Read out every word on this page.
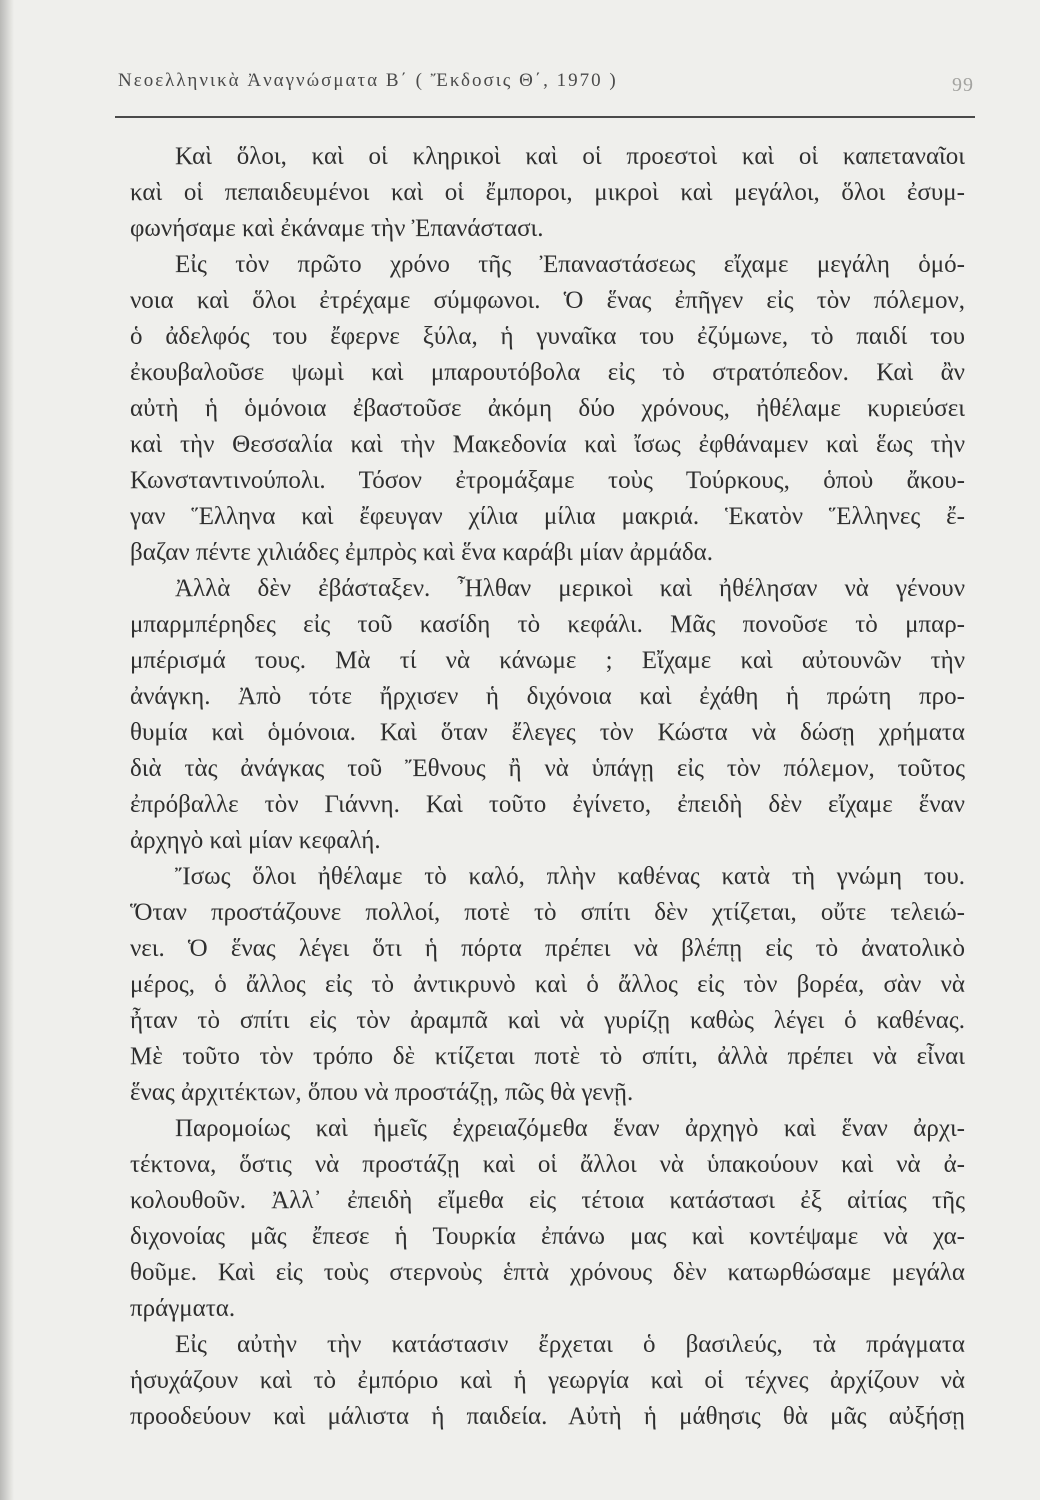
Νεοελληνικὰ Ἀναγνώσματα Β΄ ( Ἔκδοσις Θ΄, 1970 )	99
Καὶ ὅλοι, καὶ οἱ κληρικοὶ καὶ οἱ προεστοὶ καὶ οἱ καπεταναῖοι
καὶ οἱ πεπαιδευμένοι καὶ οἱ ἔμποροι, μικροὶ καὶ μεγάλοι, ὅλοι ἐσυμ-
φωνήσαμε καὶ ἐκάναμε τὴν Ἐπανάστασι.
Εἰς τὸν πρῶτο χρόνο τῆς Ἐπαναστάσεως εἴχαμε μεγάλη ὁμό-
νοια καὶ ὅλοι ἐτρέχαμε σύμφωνοι. Ὁ ἕνας ἐπῆγεν εἰς τὸν πόλεμον,
ὁ ἀδελφός του ἔφερνε ξύλα, ἡ γυναῖκα του ἐζύμωνε, τὸ παιδί του
ἐκουβαλοῦσε ψωμὶ καὶ μπαρουτόβολα εἰς τὸ στρατόπεδον. Καὶ ἂν
αὐτὴ ἡ ὁμόνοια ἐβαστοῦσε ἀκόμη δύο χρόνους, ἠθέλαμε κυριεύσει
καὶ τὴν Θεσσαλία καὶ τὴν Μακεδονία καὶ ἴσως ἐφθάναμεν καὶ ἕως τὴν
Κωνσταντινούπολι. Τόσον ἐτρομάξαμε τοὺς Τούρκους, ὁποὺ ἄκου-
γαν Ἕλληνα καὶ ἔφευγαν χίλια μίλια μακριά. Ἑκατὸν Ἕλληνες ἔ-
βαζαν πέντε χιλιάδες ἐμπρὸς καὶ ἕνα καράβι μίαν ἀρμάδα.
Ἀλλὰ δὲν ἐβάσταξεν. Ἦλθαν μερικοὶ καὶ ἠθέλησαν νὰ γένουν
μπαρμπέρηδες εἰς τοῦ κασίδη τὸ κεφάλι. Μᾶς πονοῦσε τὸ μπαρ-
μπέρισμά τους. Μὰ τί νὰ κάνωμε ; Εἴχαμε καὶ αὐτουνῶν τὴν
ἀνάγκη. Ἀπὸ τότε ἤρχισεν ἡ διχόνοια καὶ ἐχάθη ἡ πρώτη προ-
θυμία καὶ ὁμόνοια. Καὶ ὅταν ἔλεγες τὸν Κώστα νὰ δώσῃ χρήματα
διὰ τὰς ἀνάγκας τοῦ Ἔθνους ἢ νὰ ὑπάγῃ εἰς τὸν πόλεμον, τοῦτος
ἐπρόβαλλε τὸν Γιάννη. Καὶ τοῦτο ἐγίνετο, ἐπειδὴ δὲν εἴχαμε ἕναν
ἀρχηγὸ καὶ μίαν κεφαλή.
Ἴσως ὅλοι ἠθέλαμε τὸ καλό, πλὴν καθένας κατὰ τὴ γνώμη του.
Ὅταν προστάζουνε πολλοί, ποτὲ τὸ σπίτι δὲν χτίζεται, οὔτε τελειώ-
νει. Ὁ ἕνας λέγει ὅτι ἡ πόρτα πρέπει νὰ βλέπῃ εἰς τὸ ἀνατολικὸ
μέρος, ὁ ἄλλος εἰς τὸ ἀντικρυνὸ καὶ ὁ ἄλλος εἰς τὸν βορέα, σὰν νὰ
ἦταν τὸ σπίτι εἰς τὸν ἀραμπᾶ καὶ νὰ γυρίζῃ καθὼς λέγει ὁ καθένας.
Μὲ τοῦτο τὸν τρόπο δὲ κτίζεται ποτὲ τὸ σπίτι, ἀλλὰ πρέπει νὰ εἶναι
ἕνας ἀρχιτέκτων, ὅπου νὰ προστάζῃ, πῶς θὰ γενῇ.
Παρομοίως καὶ ἡμεῖς ἐχρειαζόμεθα ἕναν ἀρχηγὸ καὶ ἕναν ἀρχι-
τέκτονα, ὅστις νὰ προστάζῃ καὶ οἱ ἄλλοι νὰ ὑπακούουν καὶ νὰ ἀ-
κολουθοῦν. Ἀλλ᾿ ἐπειδὴ εἴμεθα εἰς τέτοια κατάστασι ἐξ αἰτίας τῆς
διχονοίας μᾶς ἔπεσε ἡ Τουρκία ἐπάνω μας καὶ κοντέψαμε νὰ χα-
θοῦμε. Καὶ εἰς τοὺς στερνοὺς ἑπτὰ χρόνους δὲν κατωρθώσαμε μεγάλα
πράγματα.
Εἰς αὐτὴν τὴν κατάστασιν ἔρχεται ὁ βασιλεύς, τὰ πράγματα
ἡσυχάζουν καὶ τὸ ἐμπόριο καὶ ἡ γεωργία καὶ οἱ τέχνες ἀρχίζουν νὰ
προοδεύουν καὶ μάλιστα ἡ παιδεία. Αὐτὴ ἡ μάθησις θὰ μᾶς αὐξήσῃ
